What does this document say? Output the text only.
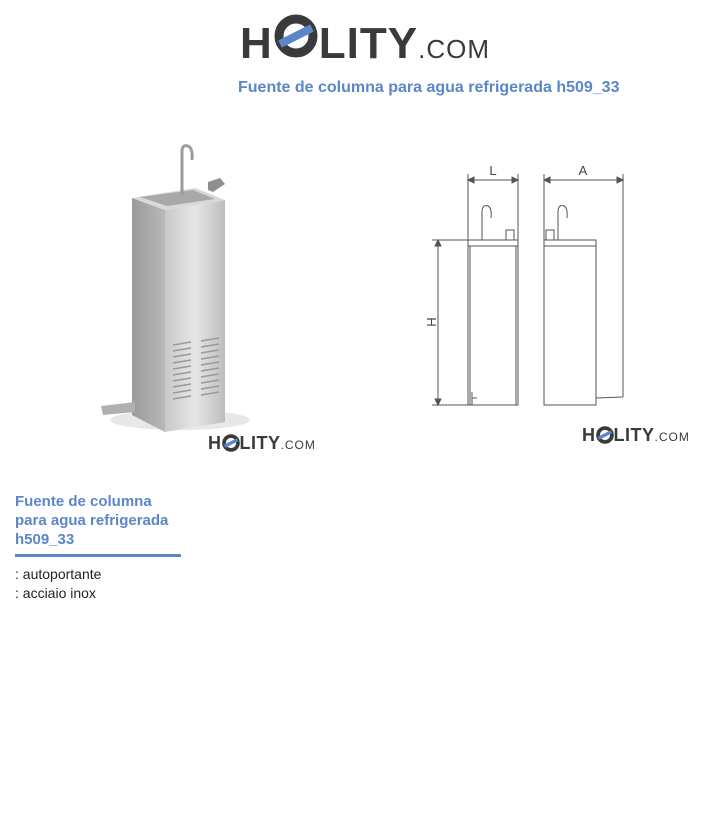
H LITY .COM
Fuente de columna para agua refrigerada h509_33
H LITY .COM
L	A
H
H LITY .COM
Fuente de columna para agua refrigerada h509_33
: autoportante
: acciaio inox
